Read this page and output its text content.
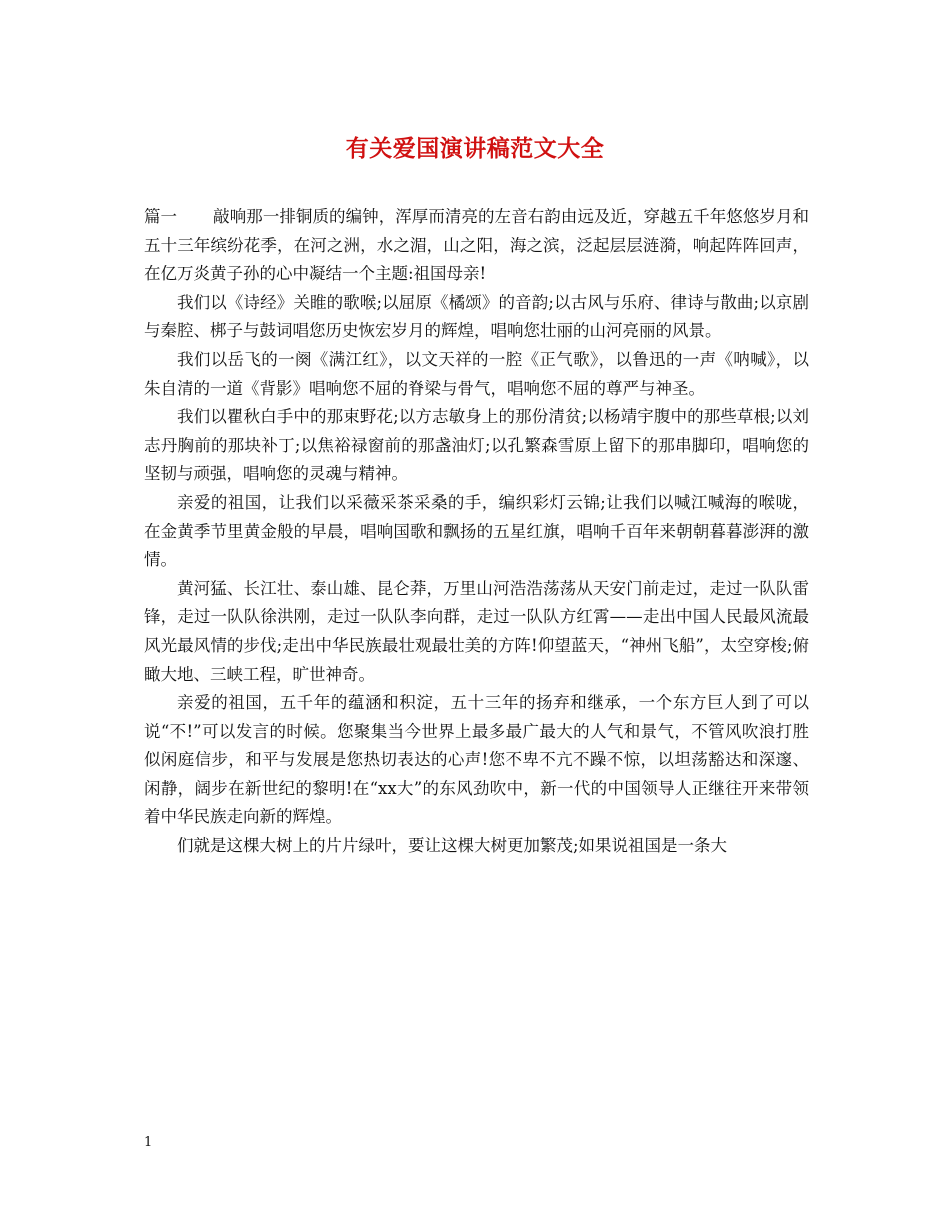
有关爱国演讲稿范文大全

篇一 敲响那一排铜质的编钟，浑厚而清亮的左音右韵由远及近，穿越五千年悠悠岁月和五十三年缤纷花季，在河之洲，水之湄，山之阳，海之滨，泛起层层涟漪，响起阵阵回声，在亿万炎黄子孙的心中凝结一个主题:祖国母亲!

我们以《诗经》关睢的歌喉;以屈原《橘颂》的音韵;以古风与乐府、律诗与散曲;以京剧与秦腔、梆子与鼓词唱您历史恢宏岁月的辉煌，唱响您壮丽的山河亮丽的风景。

我们以岳飞的一阕《满江红》，以文天祥的一腔《正气歌》，以鲁迅的一声《呐喊》，以朱自清的一道《背影》唱响您不屈的脊梁与骨气，唱响您不屈的尊严与神圣。

我们以瞿秋白手中的那束野花;以方志敏身上的那份清贫;以杨靖宇腹中的那些草根;以刘志丹胸前的那块补丁;以焦裕禄窗前的那盏油灯;以孔繁森雪原上留下的那串脚印，唱响您的坚韧与顽强，唱响您的灵魂与精神。

亲爱的祖国，让我们以采薇采茶采桑的手，编织彩灯云锦;让我们以喊江喊海的喉咙，在金黄季节里黄金般的早晨，唱响国歌和飘扬的五星红旗，唱响千百年来朝朝暮暮澎湃的激情。

黄河猛、长江壮、泰山雄、昆仑莽，万里山河浩浩荡荡从天安门前走过，走过一队队雷锋，走过一队队徐洪刚，走过一队队李向群，走过一队队方红霄——走出中国人民最风流最风光最风情的步伐;走出中华民族最壮观最壮美的方阵!仰望蓝天，“神州飞船”，太空穿梭;俯瞰大地、三峡工程，旷世神奇。

亲爱的祖国，五千年的蕴涵和积淀，五十三年的扬弃和继承，一个东方巨人到了可以说“不!”可以发言的时候。您聚集当今世界上最多最广最大的人气和景气，不管风吹浪打胜似闲庭信步，和平与发展是您热切表达的心声!您不卑不亢不躁不惊，以坦荡豁达和深邃、闲静，阔步在新世纪的黎明!在“xx大”的东风劲吹中，新一代的中国领导人正继往开来带领着中华民族走向新的辉煌。

们就是这棵大树上的片片绿叶，要让这棵大树更加繁茂;如果说祖国是一条大

1
